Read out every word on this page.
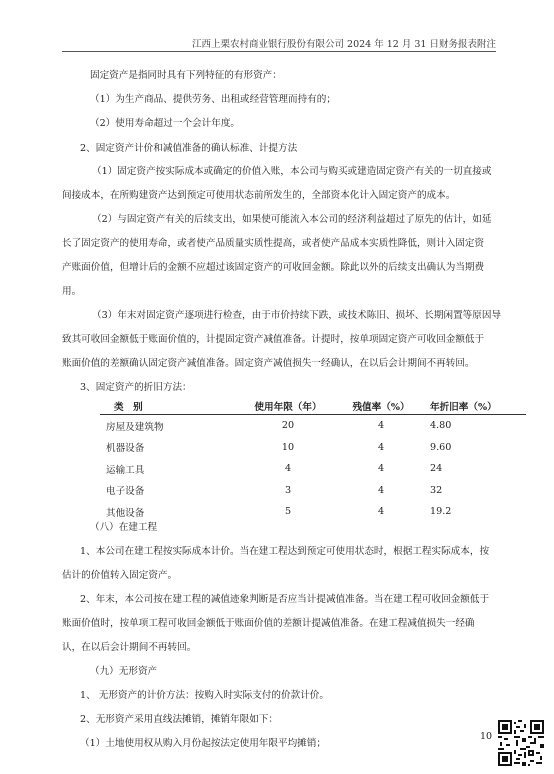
江西上栗农村商业银行股份有限公司 2024 年 12 月 31 日财务报表附注
固定资产是指同时具有下列特征的有形资产：
（1）为生产商品、提供劳务、出租或经营管理而持有的；
（2）使用寿命超过一个会计年度。
2、固定资产计价和减值准备的确认标准、计提方法
（1）固定资产按实际成本或确定的价值入账，本公司与购买或建造固定资产有关的一切直接或
间接成本，在所购建资产达到预定可使用状态前所发生的，全部资本化计入固定资产的成本。
（2）与固定资产有关的后续支出，如果使可能流入本公司的经济利益超过了原先的估计，如延
长了固定资产的使用寿命，或者使产品质量实质性提高，或者使产品成本实质性降低，则计入固定资
产账面价值，但增计后的金额不应超过该固定资产的可收回金额。除此以外的后续支出确认为当期费
用。
（3）年末对固定资产逐项进行检查，由于市价持续下跌，或技术陈旧、损坏、长期闲置等原因导
致其可收回金额低于账面价值的，计提固定资产减值准备。计提时，按单项固定资产可收回金额低于
账面价值的差额确认固定资产减值准备。固定资产减值损失一经确认，在以后会计期间不再转回。
3、固定资产的折旧方法：
类　别	使用年限（年）	残值率（%）	年折旧率（%）
房屋及建筑物	20	4	4.80
机器设备	10	4	9.60
运输工具	4	4	24
电子设备	3	4	32
其他设备	5	4	19.2
（八）在建工程
1、本公司在建工程按实际成本计价。当在建工程达到预定可使用状态时，根据工程实际成本，按
估计的价值转入固定资产。
2、年末，本公司按在建工程的减值迹象判断是否应当计提减值准备。当在建工程可收回金额低于
账面价值时，按单项工程可收回金额低于账面价值的差额计提减值准备。在建工程减值损失一经确
认，在以后会计期间不再转回。
（九）无形资产
1、 无形资产的计价方法：按购入时实际支付的价款计价。
2、无形资产采用直线法摊销，摊销年限如下：
（1）土地使用权从购入月份起按法定使用年限平均摊销；
10
